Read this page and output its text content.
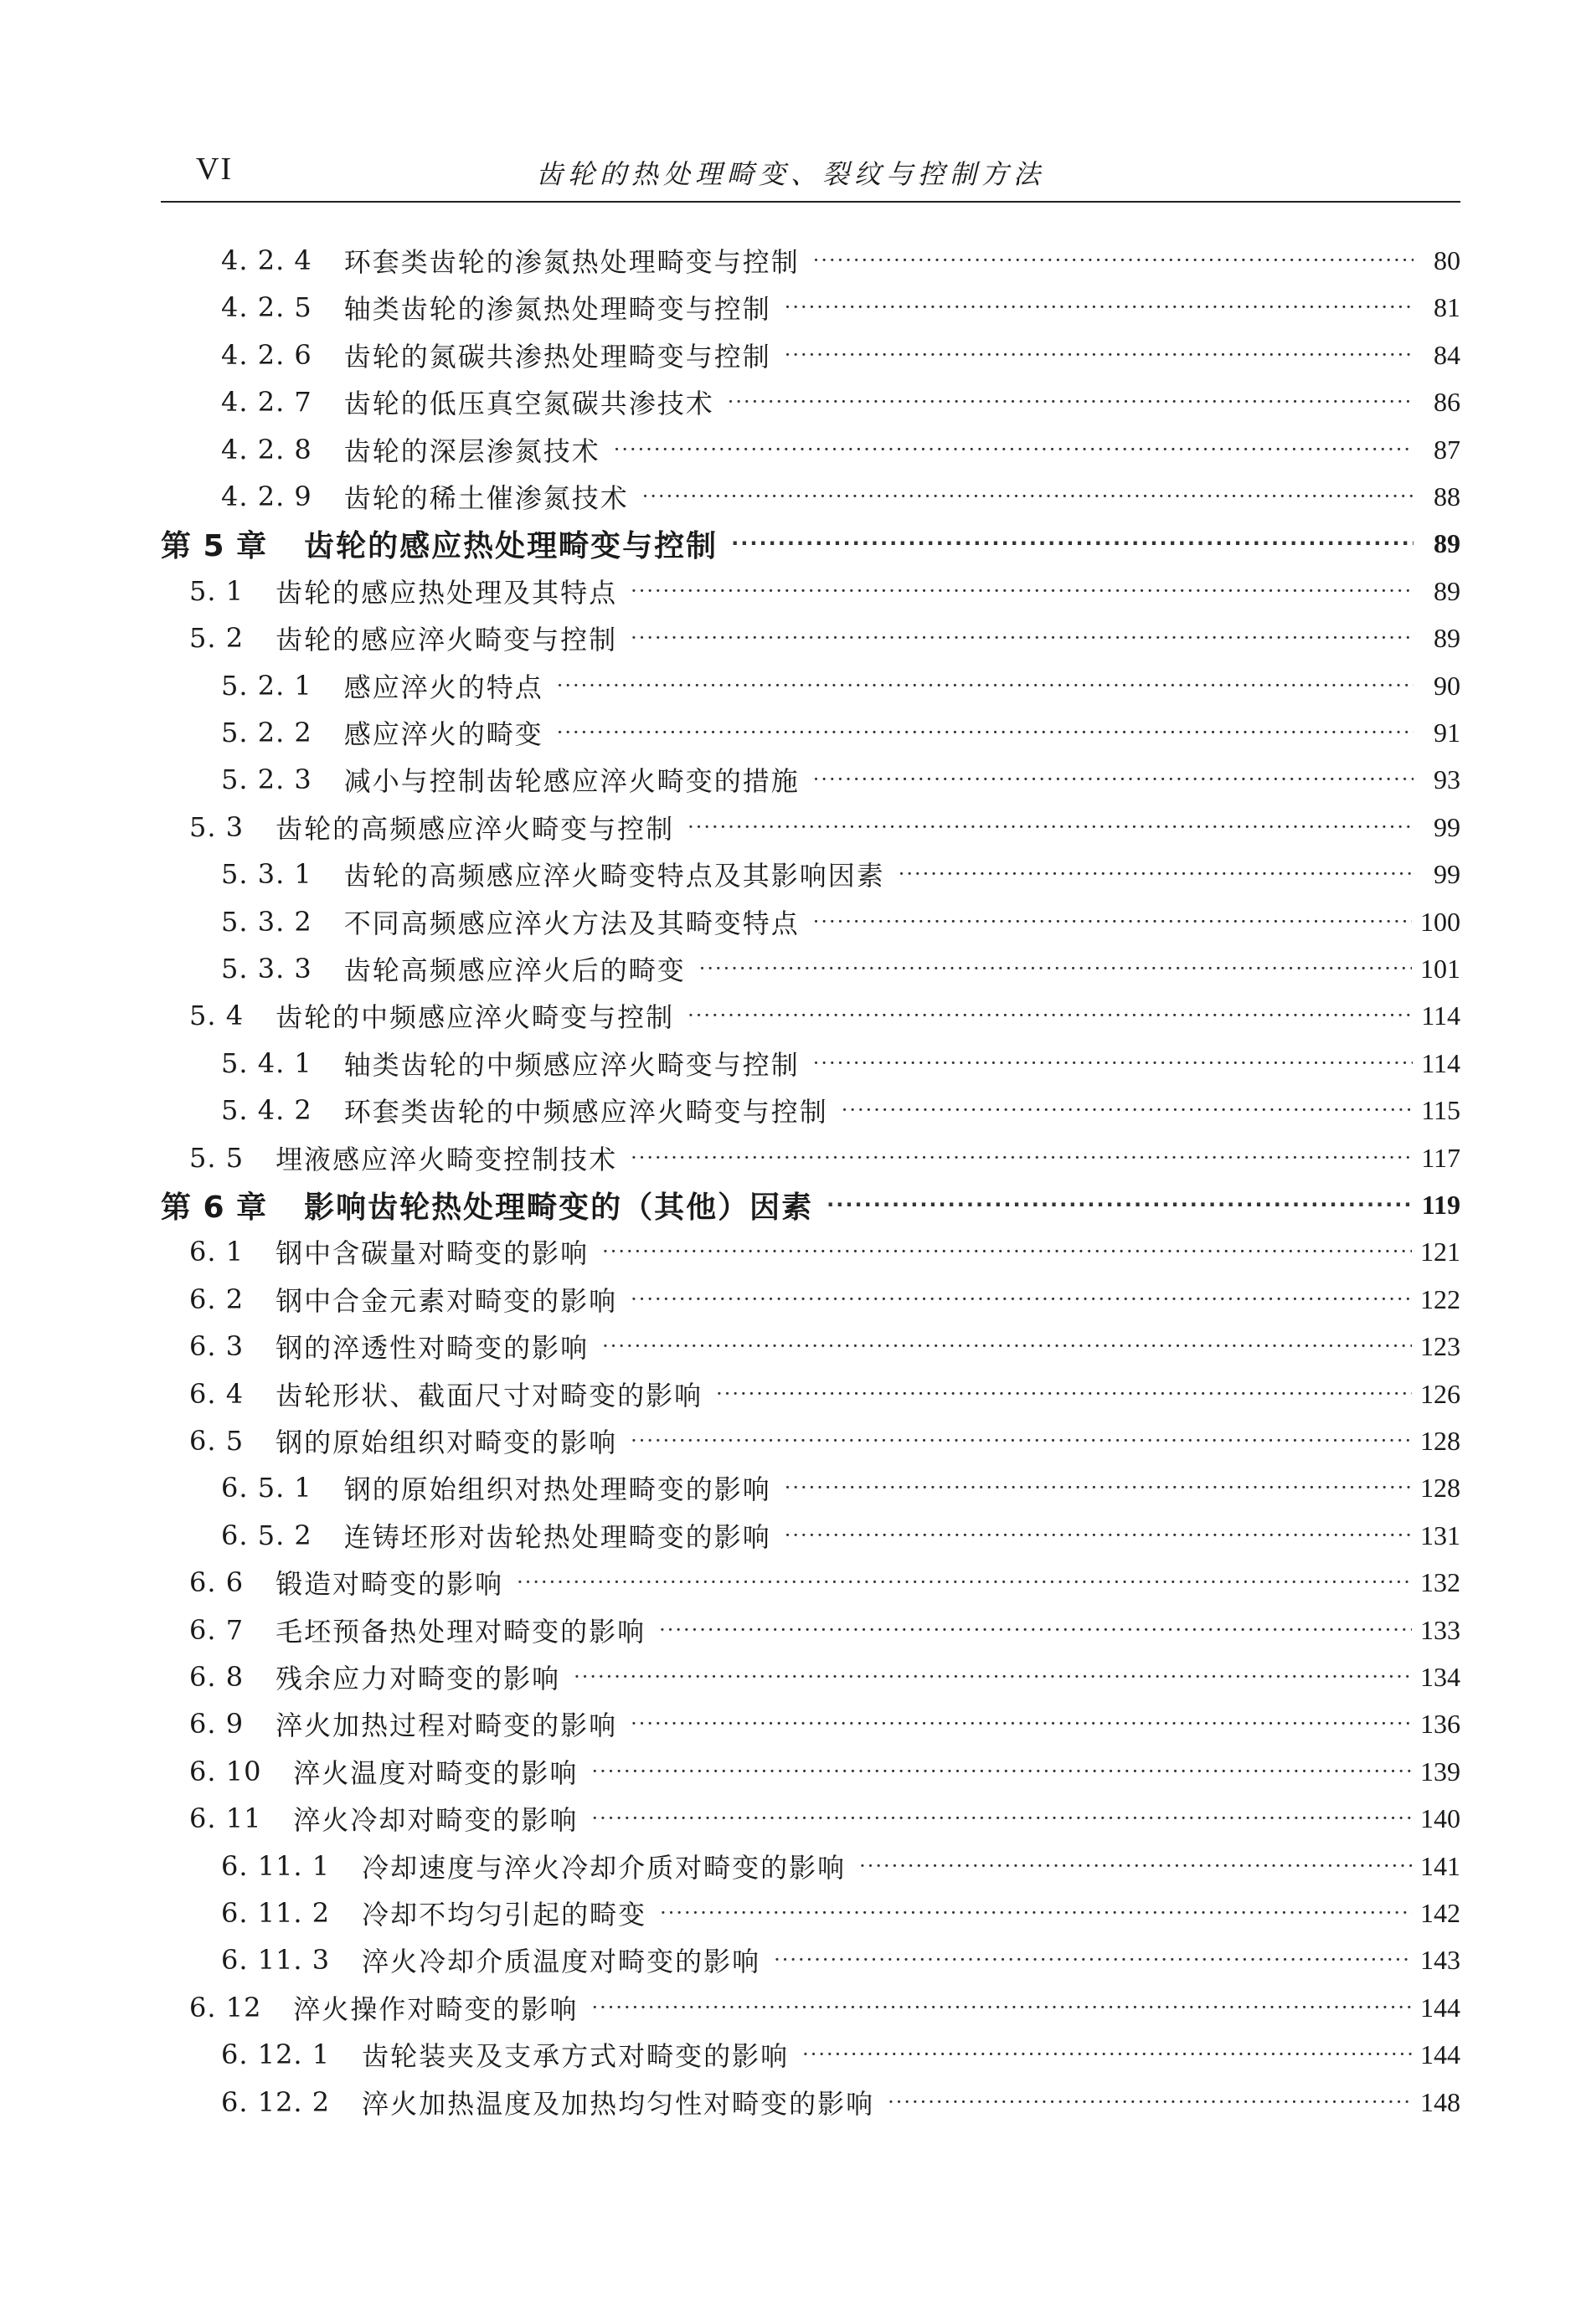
VI	齿轮的热处理畸变、裂纹与控制方法
4. 2. 4 环套类齿轮的渗氮热处理畸变与控制 ·····	80
4. 2. 5 轴类齿轮的渗氮热处理畸变与控制 ·····	81
4. 2. 6 齿轮的氮碳共渗热处理畸变与控制 ·····	84
4. 2. 7 齿轮的低压真空氮碳共渗技术 ·····	86
4. 2. 8 齿轮的深层渗氮技术 ·····	87
4. 2. 9 齿轮的稀土催渗氮技术 ·····	88
第 5 章 齿轮的感应热处理畸变与控制 ·····	89
5. 1 齿轮的感应热处理及其特点 ·····	89
5. 2 齿轮的感应淬火畸变与控制 ·····	89
5. 2. 1 感应淬火的特点 ·····	90
5. 2. 2 感应淬火的畸变 ·····	91
5. 2. 3 减小与控制齿轮感应淬火畸变的措施 ·····	93
5. 3 齿轮的高频感应淬火畸变与控制 ·····	99
5. 3. 1 齿轮的高频感应淬火畸变特点及其影响因素 ·····	99
5. 3. 2 不同高频感应淬火方法及其畸变特点 ·····	100
5. 3. 3 齿轮高频感应淬火后的畸变 ·····	101
5. 4 齿轮的中频感应淬火畸变与控制 ·····	114
5. 4. 1 轴类齿轮的中频感应淬火畸变与控制 ·····	114
5. 4. 2 环套类齿轮的中频感应淬火畸变与控制 ·····	115
5. 5 埋液感应淬火畸变控制技术 ·····	117
第 6 章 影响齿轮热处理畸变的（其他）因素 ·····	119
6. 1 钢中含碳量对畸变的影响 ·····	121
6. 2 钢中合金元素对畸变的影响 ·····	122
6. 3 钢的淬透性对畸变的影响 ·····	123
6. 4 齿轮形状、截面尺寸对畸变的影响 ·····	126
6. 5 钢的原始组织对畸变的影响 ·····	128
6. 5. 1 钢的原始组织对热处理畸变的影响 ·····	128
6. 5. 2 连铸坯形对齿轮热处理畸变的影响 ·····	131
6. 6 锻造对畸变的影响 ·····	132
6. 7 毛坯预备热处理对畸变的影响 ·····	133
6. 8 残余应力对畸变的影响 ·····	134
6. 9 淬火加热过程对畸变的影响 ·····	136
6. 10 淬火温度对畸变的影响 ·····	139
6. 11 淬火冷却对畸变的影响 ·····	140
6. 11. 1 冷却速度与淬火冷却介质对畸变的影响 ·····	141
6. 11. 2 冷却不均匀引起的畸变 ·····	142
6. 11. 3 淬火冷却介质温度对畸变的影响 ·····	143
6. 12 淬火操作对畸变的影响 ·····	144
6. 12. 1 齿轮装夹及支承方式对畸变的影响 ·····	144
6. 12. 2 淬火加热温度及加热均匀性对畸变的影响 ·····	148
